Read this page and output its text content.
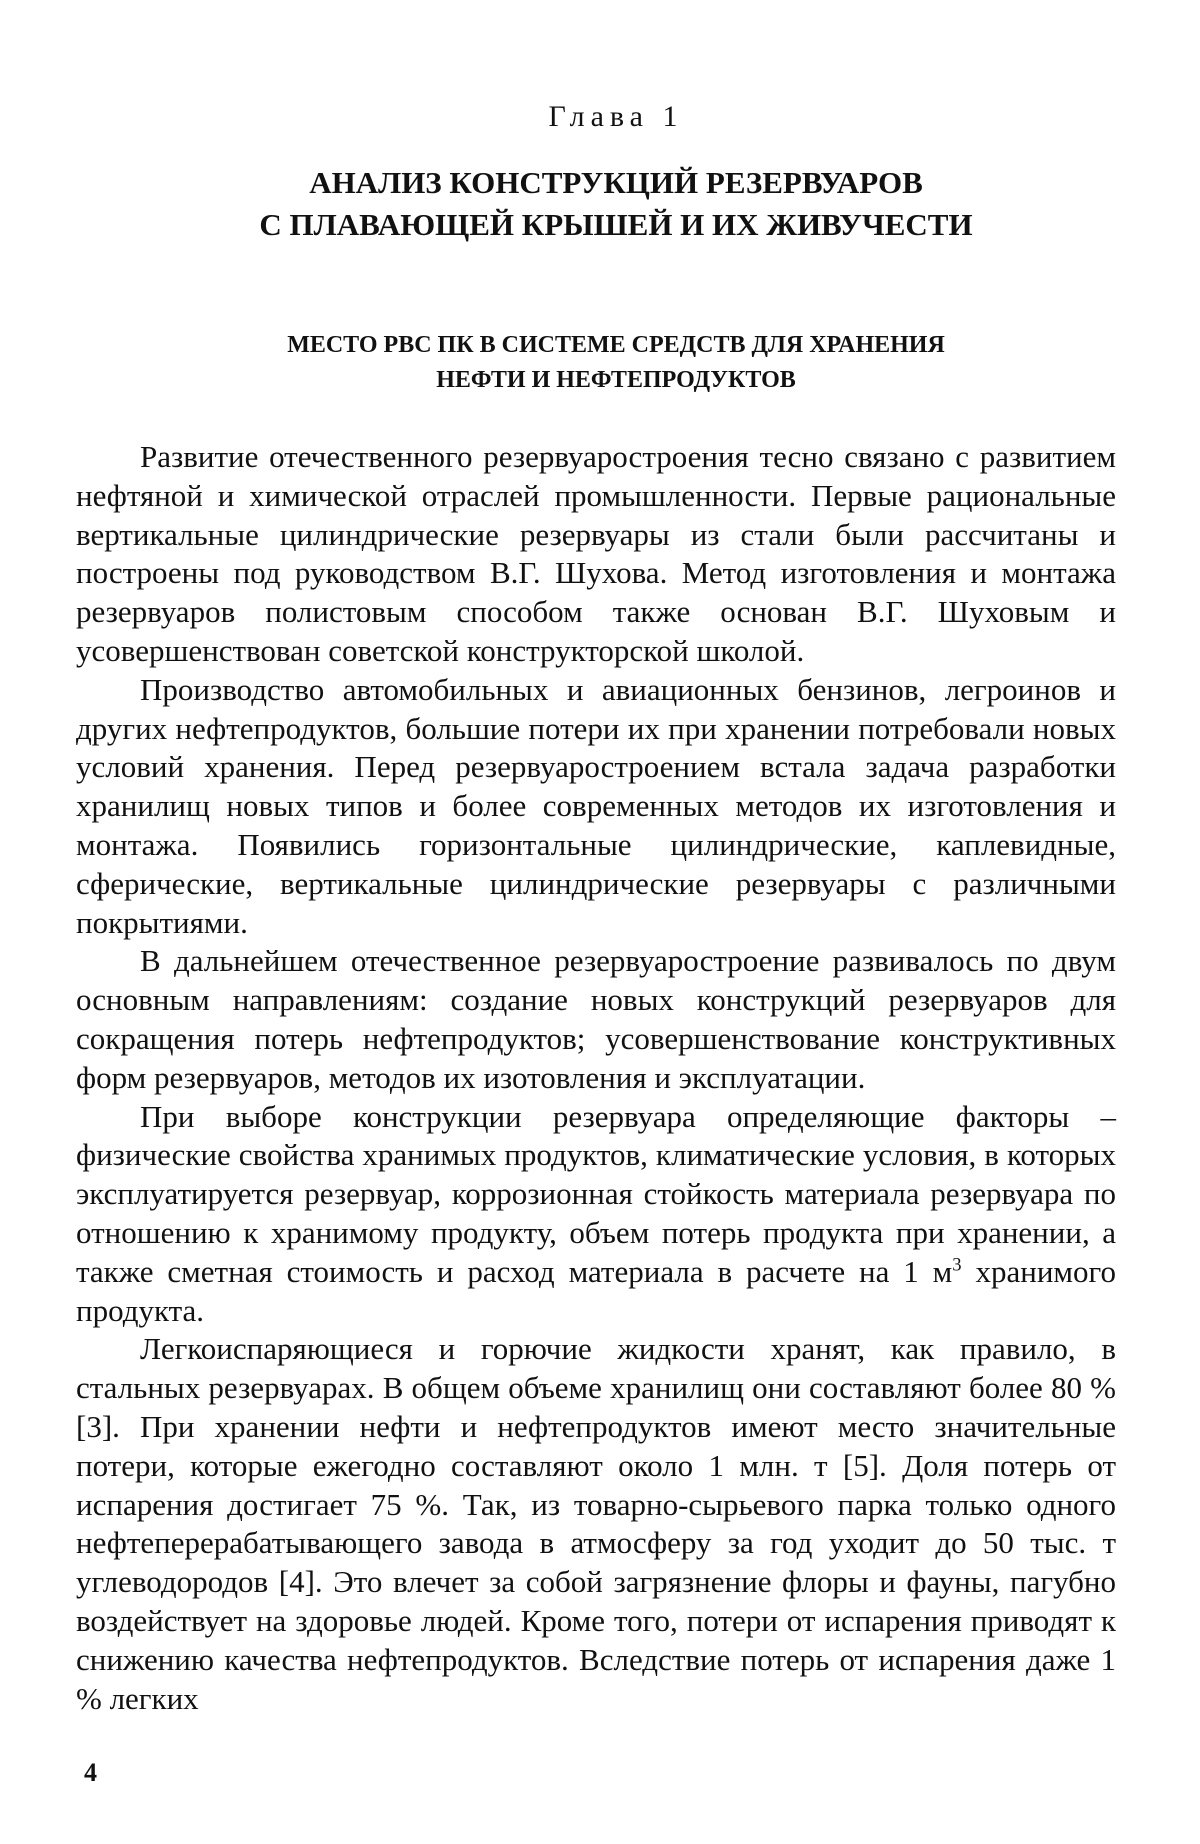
Глава 1
АНАЛИЗ КОНСТРУКЦИЙ РЕЗЕРВУАРОВ
С ПЛАВАЮЩЕЙ КРЫШЕЙ И ИХ ЖИВУЧЕСТИ
МЕСТО РВС ПК В СИСТЕМЕ СРЕДСТВ ДЛЯ ХРАНЕНИЯ
НЕФТИ И НЕФТЕПРОДУКТОВ

Развитие отечественного резервуаростроения тесно связано с развитием нефтяной и химической отраслей промышленности. Первые рациональные вертикальные цилиндрические резервуары из стали были рассчитаны и построены под руководством В.Г. Шухова. Метод изготовления и монтажа резервуаров полистовым способом также основан В.Г. Шуховым и усовершенствован советской конструкторской школой.

Производство автомобильных и авиационных бензинов, легроинов и других нефтепродуктов, большие потери их при хранении потребовали новых условий хранения. Перед резервуаростроением встала задача разработки хранилищ новых типов и более современных методов их изготовления и монтажа. Появились горизонтальные цилиндрические, каплевидные, сферические, вертикальные цилиндрические резервуары с различными покрытиями.

В дальнейшем отечественное резервуаростроение развивалось по двум основным направлениям: создание новых конструкций резервуаров для сокращения потерь нефтепродуктов; усовершенствование конструктивных форм резервуаров, методов их изотовления и эксплуатации.

При выборе конструкции резервуара определяющие факторы – физические свойства хранимых продуктов, климатические условия, в которых эксплуатируется резервуар, коррозионная стойкость материала резервуара по отношению к хранимому продукту, объем потерь продукта при хранении, а также сметная стоимость и расход материала в расчете на 1 $м^3$ хранимого продукта.

Легкоиспаряющиеся и горючие жидкости хранят, как правило, в стальных резервуарах. В общем объеме хранилищ они составляют более 80 % [3]. При хранении нефти и нефтепродуктов имеют место значительные потери, которые ежегодно составляют около 1 млн. т [5]. Доля потерь от испарения достигает 75 %. Так, из товарно-сырьевого парка только одного нефтеперерабатывающего завода в атмосферу за год уходит до 50 тыс. т углеводородов [4]. Это влечет за собой загрязнение флоры и фауны, пагубно воздействует на здоровье людей. Кроме того, потери от испарения приводят к снижению качества нефтепродуктов. Вследствие потерь от испарения даже 1 % легких

4
